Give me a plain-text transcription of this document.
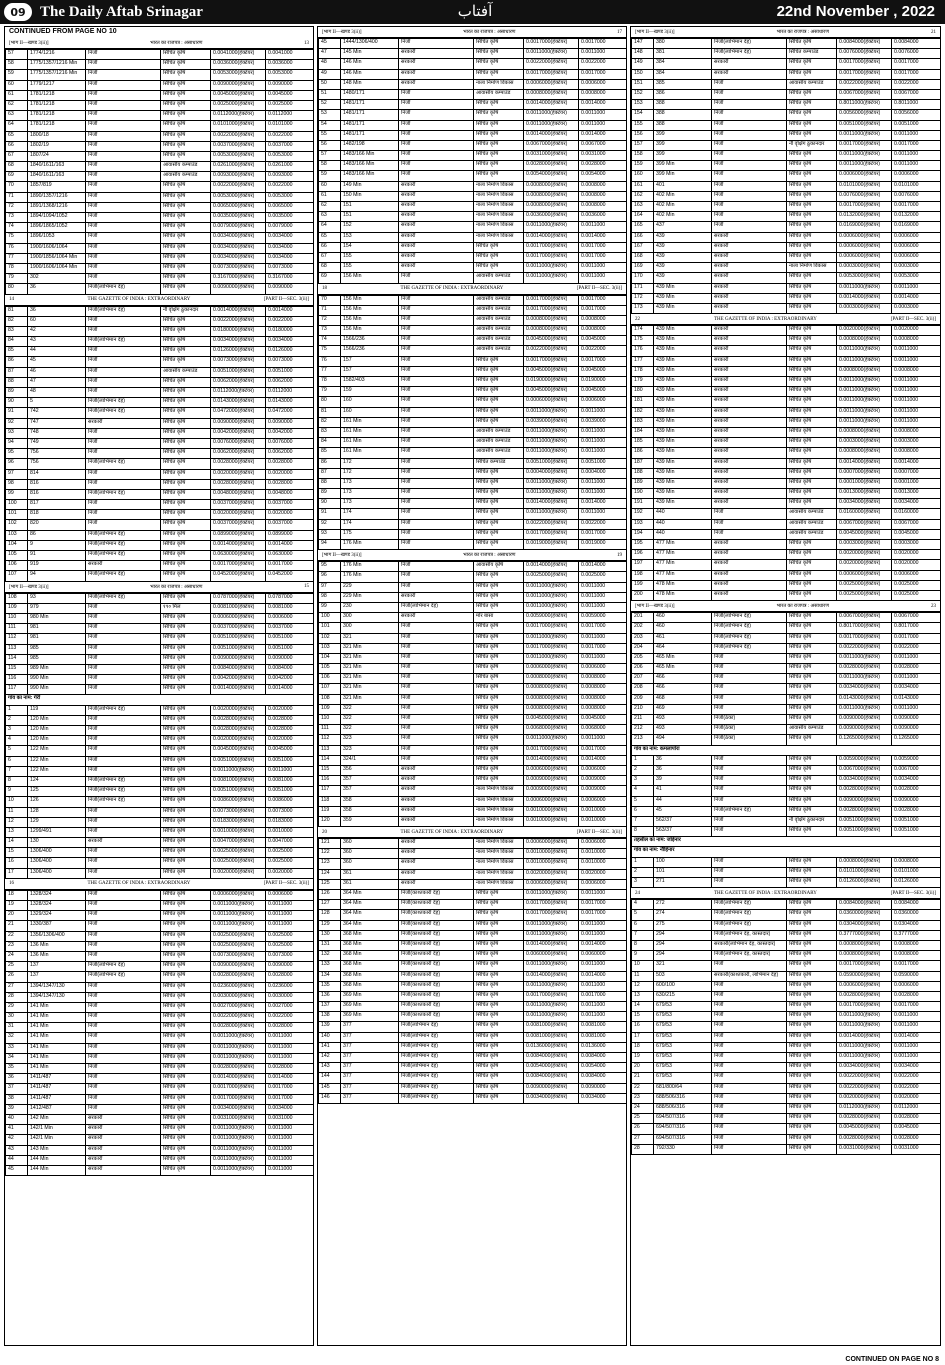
09 The Daily Aftab Srinagar	آفتاب	22nd November , 2022
CONTINUED FROM PAGE NO 10
[भाग II—खण्ड 3(ii)]	भारत का राजपत्र : असाधारण	13
57	1774/1216	निजी	सिंचित कृषि	0.0041000(हेक्टेयर)	0.0041000
58	1775/1357/1216 Min	निजी	सिंचित कृषि	0.0036000(हेक्टेयर)	0.0036000
59	1775/1357/1216 Min	निजी	सिंचित कृषि	0.0053000(हेक्टेयर)	0.0053000
60	1779/1217	निजी	सिंचित कृषि	0.0090000(हेक्टेयर)	0.0090000
61	1781/1218	निजी	सिंचित कृषि	0.0045000(हेक्टेयर)	0.0045000
62	1781/1218	निजी	सिंचित कृषि	0.0025000(हेक्टेयर)	0.0025000
63	1781/1218	निजी	सिंचित कृषि	0.0112000(हेक्टेयर)	0.0112000
64	1781/1218	निजी	सिंचित कृषि	0.0101000(हेक्टेयर)	0.0101000
65	1800/18	निजी	सिंचित कृषि	0.0022000(हेक्टेयर)	0.0022000
66	1802/19	निजी	सिंचित कृषि	0.0037000(हेक्टेयर)	0.0037000
67	1807/24	निजी	सिंचित कृषि	0.0053000(हेक्टेयर)	0.0053000
68	1840/1611/163	निजी	आवासीय कम्पाउंड	0.0261000(हेक्टेयर)	0.0261000
69	1840/1611/163	निजी	आवासीय कम्पाउंड	0.0093000(हेक्टेयर)	0.0093000
70	1857/819	निजी	सिंचित कृषि	0.0022000(हेक्टेयर)	0.0022000
71	1890/1357/1216	निजी	सिंचित कृषि	0.0053000(हेक्टेयर)	0.0053000
72	1891/1368/1216	निजी	सिंचित कृषि	0.0065000(हेक्टेयर)	0.0065000
73	1894/1094/1052	निजी	सिंचित कृषि	0.0035000(हेक्टेयर)	0.0035000
74	1896/1865/1052	निजी	सिंचित कृषि	0.0079000(हेक्टेयर)	0.0079000
75	1896/1053	निजी	सिंचित कृषि	0.0034000(हेक्टेयर)	0.0034000
76	1900/1606/1064	निजी	सिंचित कृषि	0.0034000(हेक्टेयर)	0.0034000
77	1900/1856/1064 Min	निजी	सिंचित कृषि	0.0034000(हेक्टेयर)	0.0034000
78	1900/1606/1064 Min	निजी	सिंचित कृषि	0.0073000(हेक्टेयर)	0.0073000
79	302	निजी	सिंचित कृषि	0.3167000(हेक्टेयर)	0.3167000
80	36	निजी(लाभिमान देह)	सिंचित कृषि	0.0090000(हेक्टेयर)	0.0090000
14	THE GAZETTE OF INDIA : EXTRAORDINARY	[PART II—SEC. 3(ii)]
81	36	निजी(लाभिमान देह)	नौ वृक्षिंग ठुकानदार	0.0014000(हेक्टेयर)	0.0014000
82	60	निजी	सिंचित कृषि	0.0022000(हेक्टेयर)	0.0022000
83	42	निजी	सिंचित कृषि	0.0180000(हेक्टेयर)	0.0180000
84	43	निजी(लाभिमान देह)	सिंचित कृषि	0.0034000(हेक्टेयर)	0.0034000
85	44	निजी	सिंचित कृषि	0.0126000(हेक्टेयर)	0.0126000
86	45	निजी	सिंचित कृषि	0.0073000(हेक्टेयर)	0.0073000
87	46	निजी	आवासीय कम्पाउंड	0.0051000(हेक्टेयर)	0.0051000
88	47	निजी	सिंचित कृषि	0.0062000(हेक्टेयर)	0.0062000
89	48	निजी	सिंचित कृषि	0.0112000(हेक्टेयर)	0.0112000
90	5	निजी(लाभिमान देह)	सिंचित कृषि	0.0143000(हेक्टेयर)	0.0143000
91	742	निजी(लाभिमान देह)	सिंचित कृषि	0.0472000(हेक्टेयर)	0.0472000
92	747	सरकारी	सिंचित कृषि	0.0090000(हेक्टेयर)	0.0090000
93	748	निजी	सिंचित कृषि	0.0042000(हेक्टेयर)	0.0042000
94	749	निजी	सिंचित कृषि	0.0076000(हेक्टेयर)	0.0076000
95	756	निजी	सिंचित कृषि	0.0062000(हेक्टेयर)	0.0062000
96	756	निजी(लाभिमान देह)	सिंचित कृषि	0.0028000(हेक्टेयर)	0.0028000
97	814	निजी	सिंचित कृषि	0.0020000(हेक्टेयर)	0.0020000
98	816	निजी	सिंचित कृषि	0.0028000(हेक्टेयर)	0.0028000
99	816	निजी(लाभिमान देह)	सिंचित कृषि	0.0048000(हेक्टेयर)	0.0048000
100	817	निजी	सिंचित कृषि	0.0037000(हेक्टेयर)	0.0037000
101	818	निजी	सिंचित कृषि	0.0020000(हेक्टेयर)	0.0020000
102	820	निजी	सिंचित कृषि	0.0037000(हेक्टेयर)	0.0037000
103	86	निजी(लाभिमान देह)	सिंचित कृषि	0.0899000(हेक्टेयर)	0.0899000
104	9	निजी(लाभिमान देह)	सिंचित कृषि	0.0014000(हेक्टेयर)	0.0014000
105	91	निजी(लाभिमान देह)	सिंचित कृषि	0.0630000(हेक्टेयर)	0.0630000
106	919	सरकारी	सिंचित कृषि	0.0017000(हेक्टेयर)	0.0017000
107	94	निजी(लाभिमान देह)	सिंचित कृषि	0.0452000(हेक्टेयर)	0.0452000
[भाग II—खण्ड 3(ii)]	भारत का राजपत्र : असाधारण	15
108	93	निजी(लाभिमान देह)	सिंचित कृषि	0.0787000(हेक्टेयर)	0.0787000
109	979	निजी	१९० मिल	0.0081000(हेक्टेयर)	0.0081000
110	980 Min	निजी	सिंचित कृषि	0.0006000(हेक्टेयर)	0.0006000
111	981	निजी	सिंचित कृषि	0.0037000(हेक्टेयर)	0.0037000
112	981	निजी	सिंचित कृषि	0.0051000(हेक्टेयर)	0.0051000
113	985	निजी	सिंचित कृषि	0.0051000(हेक्टेयर)	0.0051000
114	985	निजी	सिंचित कृषि	0.0090000(हेक्टेयर)	0.0090000
115	989 Min	निजी	सिंचित कृषि	0.0084000(हेक्टेयर)	0.0084000
116	990 Min	निजी	सिंचित कृषि	0.0042000(हेक्टेयर)	0.0042000
117	990 Min	निजी	सिंचित कृषि	0.0014000(हेक्टेयर)	0.0014000
गांव का नाम: गेरी					
1	119	निजी(लाभिमान देह)	सिंचित कृषि	0.0020000(हेक्टेयर)	0.0020000
2	120 Min	निजी	सिंचित कृषि	0.0028000(हेक्टेयर)	0.0028000
3	120 Min	निजी	सिंचित कृषि	0.0028000(हेक्टेयर)	0.0028000
4	120 Min	निजी	सिंचित कृषि	0.0020000(हेक्टेयर)	0.0020000
5	122 Min	निजी	सिंचित कृषि	0.0045000(हेक्टेयर)	0.0045000
6	122 Min	निजी	सिंचित कृषि	0.0051000(हेक्टेयर)	0.0051000
7	122 Min	निजी	सिंचित कृषि	0.0011000(हेक्टेयर)	0.0011000
8	124	निजी(लाभिमान देह)	सिंचित कृषि	0.0081000(हेक्टेयर)	0.0081000
9	125	निजी(लाभिमान देह)	सिंचित कृषि	0.0051000(हेक्टेयर)	0.0051000
10	126	निजी(लाभिमान देह)	सिंचित कृषि	0.0086000(हेक्टेयर)	0.0086000
11	128	निजी	सिंचित कृषि	0.0073000(हेक्टेयर)	0.0073000
12	129	निजी	सिंचित कृषि	0.0183000(हेक्टेयर)	0.0183000
13	1299/491	निजी	सिंचित कृषि	0.0010000(हेक्टेयर)	0.0010000
14	130	सरकारी	सिंचित कृषि	0.0047000(हेक्टेयर)	0.0047000
15	1306/400	निजी	सिंचित कृषि	0.0025000(हेक्टेयर)	0.0025000
16	1306/400	निजी	सिंचित कृषि	0.0025000(हेक्टेयर)	0.0025000
17	1306/400	निजी	सिंचित कृषि	0.0020000(हेक्टेयर)	0.0020000
16	THE GAZETTE OF INDIA : EXTRAORDINARY	[PART II—SEC. 3(ii)]
18	1328/324	निजी	सिंचित कृषि	0.0006000(हेक्टेयर)	0.0006000
19	1328/324	निजी	सिंचित कृषि	0.0011000(हेक्टेयर)	0.0011000
20	1329/324	निजी	सिंचित कृषि	0.0011000(हेक्टेयर)	0.0011000
21	1330/387	निजी	सिंचित कृषि	0.0011000(हेक्टेयर)	0.0011000
22	1356/1306/400	निजी	सिंचित कृषि	0.0025000(हेक्टेयर)	0.0025000
23	136 Min	निजी	सिंचित कृषि	0.0025000(हेक्टेयर)	0.0025000
24	136 Min	निजी	सिंचित कृषि	0.0073000(हेक्टेयर)	0.0073000
25	137	निजी(लाभिमान देह)	सिंचित कृषि	0.0090000(हेक्टेयर)	0.0090000
26	137	निजी(लाभिमान देह)	सिंचित कृषि	0.0028000(हेक्टेयर)	0.0028000
27	1394/1347/130	निजी	सिंचित कृषि	0.0236000(हेक्टेयर)	0.0236000
28	1394/1347/130	निजी	सिंचित कृषि	0.0030000(हेक्टेयर)	0.0030000
29	141 Min	निजी	सिंचित कृषि	0.0027000(हेक्टेयर)	0.0027000
30	141 Min	निजी	सिंचित कृषि	0.0022000(हेक्टेयर)	0.0022000
31	141 Min	निजी	सिंचित कृषि	0.0028000(हेक्टेयर)	0.0028000
32	141 Min	निजी	सिंचित कृषि	0.0011000(हेक्टेयर)	0.0011000
33	141 Min	निजी	सिंचित कृषि	0.0011000(हेक्टेयर)	0.0011000
34	141 Min	निजी	सिंचित कृषि	0.0011000(हेक्टेयर)	0.0011000
35	141 Min	निजी	सिंचित कृषि	0.0028000(हेक्टेयर)	0.0028000
36	1411/487	निजी	सिंचित कृषि	0.0014000(हेक्टेयर)	0.0014000
37	1411/487	निजी	सिंचित कृषि	0.0017000(हेक्टेयर)	0.0017000
38	1411/487	निजी	सिंचित कृषि	0.0017000(हेक्टेयर)	0.0017000
39	1412/487	निजी	सिंचित कृषि	0.0034000(हेक्टेयर)	0.0034000
40	142 Min	सरकारी	सिंचित कृषि	0.0031000(हेक्टेयर)	0.0031000
41	142/1 Min	सरकारी	सिंचित कृषि	0.0011000(हेक्टेयर)	0.0011000
42	142/1 Min	सरकारी	सिंचित कृषि	0.0011000(हेक्टेयर)	0.0011000
43	143 Min	सरकारी	सिंचित कृषि	0.0011000(हेक्टेयर)	0.0011000
44	144 Min	सरकारी	सिंचित कृषि	0.0011000(हेक्टेयर)	0.0011000
45	144 Min	सरकारी	सिंचित कृषि	0.0011000(हेक्टेयर)	0.0011000
[भाग II—खण्ड 3(ii)]	भारत का राजपत्र : असाधारण	17
45	1444/1306/400	निजी	सिंचित कृषि	0.0017000(हेक्टेयर)	0.0017000
47	145 Min	सरकारी	सिंचित कृषि	0.0011000(हेक्टेयर)	0.0011000
48	146 Min	सरकारी	सिंचित कृषि	0.0022000(हेक्टेयर)	0.0022000
49	146 Min	सरकारी	सिंचित कृषि	0.0017000(हेक्टेयर)	0.0017000
50	148 Min	सरकारी	नाला निर्माण विकास	0.0006000(हेक्टेयर)	0.0006000
51	1480/171	निजी	आवासीय कम्पाउंड	0.0008000(हेक्टेयर)	0.0008000
52	1481/171	निजी	सिंचित कृषि	0.0014000(हेक्टेयर)	0.0014000
53	1481/171	निजी	सिंचित कृषि	0.0011000(हेक्टेयर)	0.0011000
54	1481/171	निजी	सिंचित कृषि	0.0011000(हेक्टेयर)	0.0011000
55	1481/171	निजी	सिंचित कृषि	0.0014000(हेक्टेयर)	0.0014000
56	1482/198	निजी	सिंचित कृषि	0.0067000(हेक्टेयर)	0.0067000
57	1483/166 Min	निजी	सिंचित कृषि	0.0031000(हेक्टेयर)	0.0031000
58	1483/166 Min	निजी	सिंचित कृषि	0.0028000(हेक्टेयर)	0.0028000
59	1483/166 Min	निजी	सिंचित कृषि	0.0054000(हेक्टेयर)	0.0054000
60	149 Min	सरकारी	नाला निर्माण विकास	0.0008000(हेक्टेयर)	0.0008000
61	150 Min	सरकारी	नाला निर्माण विकास	0.0008000(हेक्टेयर)	0.0008000
62	151	सरकारी	नाला निर्माण विकास	0.0008000(हेक्टेयर)	0.0008000
63	151	सरकारी	नाला निर्माण विकास	0.0036000(हेक्टेयर)	0.0036000
64	152	सरकारी	नाला निर्माण विकास	0.0011000(हेक्टेयर)	0.0011000
65	153	सरकारी	नाला निर्माण विकास	0.0014000(हेक्टेयर)	0.0014000
66	154	सरकारी	सिंचित कृषि	0.0017000(हेक्टेयर)	0.0017000
67	155	सरकारी	सिंचित कृषि	0.0017000(हेक्टेयर)	0.0017000
68	155	सरकारी	सिंचित कृषि	0.0011000(हेक्टेयर)	0.0011000
69	156 Min	निजी	आवासीय कम्पाउंड	0.0011000(हेक्टेयर)	0.0011000
18	THE GAZETTE OF INDIA : EXTRAORDINARY	[PART II—SEC. 3(ii)]
70	156 Min	निजी	आवासीय कम्पाउंड	0.0017000(हेक्टेयर)	0.0017000
71	156 Min	निजी	आवासीय कम्पाउंड	0.0017000(हेक्टेयर)	0.0017000
72	156 Min	निजी	आवासीय कम्पाउंड	0.0008000(हेक्टेयर)	0.0008000
73	156 Min	निजी	आवासीय कम्पाउंड	0.0008000(हेक्टेयर)	0.0008000
74	1566/236	निजी	आवासीय कम्पाउंड	0.0045000(हेक्टेयर)	0.0045000
75	1566/236	निजी	आवासीय कम्पाउंड	0.0022000(हेक्टेयर)	0.0022000
76	157	निजी	सिंचित कृषि	0.0017000(हेक्टेयर)	0.0017000
77	157	निजी	सिंचित कृषि	0.0045000(हेक्टेयर)	0.0045000
78	1582/403	निजी	सिंचित कृषि	0.0190000(हेक्टेयर)	0.0190000
79	159	निजी	सिंचित कृषि	0.0045000(हेक्टेयर)	0.0045000
80	160	निजी	सिंचित कृषि	0.0006000(हेक्टेयर)	0.0006000
81	160	निजी	सिंचित कृषि	0.0011000(हेक्टेयर)	0.0011000
82	161 Min	निजी	सिंचित कृषि	0.0039000(हेक्टेयर)	0.0039000
83	161 Min	निजी	आवासीय कम्पाउंड	0.0011000(हेक्टेयर)	0.0011000
84	161 Min	निजी	आवासीय कम्पाउंड	0.0011000(हेक्टेयर)	0.0011000
85	161 Min	निजी	आवासीय कम्पाउंड	0.0011000(हेक्टेयर)	0.0011000
86	172	निजी	सिंचित कम्पाउंड	0.0051000(हेक्टेयर)	0.0051000
87	172	निजी	सिंचित कृषि	0.0004000(हेक्टेयर)	0.0004000
88	173	निजी	सिंचित कृषि	0.0011000(हेक्टेयर)	0.0011000
89	173	निजी	सिंचित कृषि	0.0011000(हेक्टेयर)	0.0011000
90	173	निजी	सिंचित कृषि	0.0014000(हेक्टेयर)	0.0014000
91	174	निजी	सिंचित कृषि	0.0011000(हेक्टेयर)	0.0011000
92	174	निजी	सिंचित कृषि	0.0022000(हेक्टेयर)	0.0022000
93	175	निजी	सिंचित कृषि	0.0017000(हेक्टेयर)	0.0017000
94	176 Min	निजी	सिंचित कृषि	0.0019000(हेक्टेयर)	0.0019000
[भाग II—खण्ड 3(ii)]	भारत का राजपत्र : असाधारण	19
95	176 Min	निजी	आवासीय कृषि	0.0014000(हेक्टेयर)	0.0014000
96	176 Min	निजी	सिंचित कृषि	0.0025000(हेक्टेयर)	0.0025000
97	229	निजी	सिंचित कृषि	0.0011000(हेक्टेयर)	0.0011000
98	229 Min	सरकारी	सिंचित कृषि	0.0011000(हेक्टेयर)	0.0011000
99	230	निजी(लाभिमान देह)	सिंचित कृषि	0.0011000(हेक्टेयर)	0.0011000
100	300	सरकारी	मोर बासा	0.0059000(हेक्टेयर)	0.0059000
101	300	निजी	सिंचित कृषि	0.0017000(हेक्टेयर)	0.0017000
102	321	निजी	सिंचित कृषि	0.0011000(हेक्टेयर)	0.0011000
103	321 Min	निजी	सिंचित कृषि	0.0017000(हेक्टेयर)	0.0017000
104	321 Min	निजी	सिंचित कृषि	0.0011000(हेक्टेयर)	0.0011000
105	321 Min	निजी	सिंचित कृषि	0.0006000(हेक्टेयर)	0.0006000
106	321 Min	निजी	सिंचित कृषि	0.0008000(हेक्टेयर)	0.0008000
107	321 Min	निजी	सिंचित कृषि	0.0008000(हेक्टेयर)	0.0008000
108	321 Min	निजी	सिंचित कृषि	0.0008000(हेक्टेयर)	0.0008000
109	322	निजी	सिंचित कृषि	0.0008000(हेक्टेयर)	0.0008000
110	322	निजी	सिंचित कृषि	0.0045000(हेक्टेयर)	0.0045000
111	322	निजी	सिंचित कृषि	0.0068000(हेक्टेयर)	0.0068000
112	323	निजी	सिंचित कृषि	0.0011000(हेक्टेयर)	0.0011000
113	323	निजी	सिंचित कृषि	0.0017000(हेक्टेयर)	0.0017000
114	324/1	निजी	सिंचित कृषि	0.0014000(हेक्टेयर)	0.0014000
115	356	सरकारी	सिंचित कृषि	0.0006000(हेक्टेयर)	0.0006000
116	357	सरकारी	सिंचित कृषि	0.0009000(हेक्टेयर)	0.0009000
117	357	सरकारी	नाला निर्माण विकास	0.0009000(हेक्टेयर)	0.0009000
118	358	सरकारी	नाला निर्माण विकास	0.0006000(हेक्टेयर)	0.0006000
119	358	सरकारी	नाला निर्माण विकास	0.0010000(हेक्टेयर)	0.0010000
120	359	सरकारी	नाला निर्माण विकास	0.0010000(हेक्टेयर)	0.0010000
20	THE GAZETTE OF INDIA : EXTRAORDINARY	[PART II—SEC. 3(ii)]
121	360	सरकारी	नाला निर्माण विकास	0.0006000(हेक्टेयर)	0.0006000
122	360	सरकारी	नाला निर्माण विकास	0.0010000(हेक्टेयर)	0.0010000
123	360	सरकारी	नाला निर्माण विकास	0.0010000(हेक्टेयर)	0.0010000
124	361	सरकारी	नाला निर्माण विकास	0.0020000(हेक्टेयर)	0.0020000
125	361	सरकारी	नाला निर्माण विकास	0.0006000(हेक्टेयर)	0.0006000
126	364 Min	निजी(काश्तकारी देह)	सिंचित कृषि	0.0011000(हेक्टेयर)	0.0011000
127	364 Min	निजी(काश्तकारी देह)	सिंचित कृषि	0.0017000(हेक्टेयर)	0.0017000
128	364 Min	निजी(काश्तकारी देह)	सिंचित कृषि	0.0017000(हेक्टेयर)	0.0017000
129	364 Min	निजी(काश्तकारी देह)	सिंचित कृषि	0.0011000(हेक्टेयर)	0.0011000
130	368 Min	निजी(काश्तकारी देह)	सिंचित कृषि	0.0011000(हेक्टेयर)	0.0011000
131	368 Min	निजी(काश्तकारी देह)	सिंचित कृषि	0.0014000(हेक्टेयर)	0.0014000
132	368 Min	निजी(काश्तकारी देह)	सिंचित कृषि	0.0060000(हेक्टेयर)	0.0060000
133	368 Min	निजी(काश्तकारी देह)	सिंचित कृषि	0.0011000(हेक्टेयर)	0.0011000
134	368 Min	निजी(काश्तकारी देह)	सिंचित कृषि	0.0014000(हेक्टेयर)	0.0014000
135	368 Min	निजी(काश्तकारी देह)	सिंचित कृषि	0.0011000(हेक्टेयर)	0.0011000
136	369 Min	निजी(काश्तकारी देह)	सिंचित कृषि	0.0017000(हेक्टेयर)	0.0017000
137	369 Min	निजी(काश्तकारी देह)	सिंचित कृषि	0.0011000(हेक्टेयर)	0.0011000
138	369 Min	निजी(काश्तकारी देह)	सिंचित कृषि	0.0011000(हेक्टेयर)	0.0011000
139	377	निजी(लाभिमान देह)	सिंचित कृषि	0.0081000(हेक्टेयर)	0.0081000
140	377	निजी(लाभिमान देह)	सिंचित कृषि	0.0081000(हेक्टेयर)	0.0081000
141	377	निजी(लाभिमान देह)	सिंचित कृषि	0.0136000(हेक्टेयर)	0.0136000
142	377	निजी(लाभिमान देह)	सिंचित कृषि	0.0084000(हेक्टेयर)	0.0084000
143	377	निजी(लाभिमान देह)	सिंचित कृषि	0.0054000(हेक्टेयर)	0.0054000
144	377	निजी(लाभिमान देह)	सिंचित कृषि	0.0084000(हेक्टेयर)	0.0084000
145	377	निजी(लाभिमान देह)	सिंचित कृषि	0.0090000(हेक्टेयर)	0.0090000
146	377	निजी(लाभिमान देह)	सिंचित कृषि	0.0034000(हेक्टेयर)	0.0034000
[भाग II—खण्ड 3(ii)]	भारत का राजपत्र : असाधारण	21
147	380	निजी(लाभिमान देह)	सिंचित कृषि	0.0084000(हेक्टेयर)	0.0084000
148	381	निजी(लाभिमान देह)	सिंचित कम्पाउंड	0.0076000(हेक्टेयर)	0.0076000
149	384	सरकारी	सिंचित कृषि	0.0017000(हेक्टेयर)	0.0017000
150	384	सरकारी	सिंचित कृषि	0.0017000(हेक्टेयर)	0.0017000
151	385	निजी	आवासीय कम्पाउंड	0.0022000(हेक्टेयर)	0.0022000
152	386	निजी	सिंचित कृषि	0.0067000(हेक्टेयर)	0.0067000
153	388	निजी	सिंचित कृषि	0.8011000(हेक्टेयर)	0.8011000
154	388	निजी	सिंचित कृषि	0.0056000(हेक्टेयर)	0.0056000
155	388	निजी	सिंचित कृषि	0.0051000(हेक्टेयर)	0.0051000
156	399	निजी	सिंचित कृषि	0.0011000(हेक्टेयर)	0.0011000
157	399	निजी	नौ वृक्षिंग ठुकानदार	0.0017000(हेक्टेयर)	0.0017000
158	399	निजी	सिंचित कृषि	0.0011000(हेक्टेयर)	0.0011000
159	399 Min	निजी	सिंचित कृषि	0.0011000(हेक्टेयर)	0.0011000
160	399 Min	निजी	सिंचित कृषि	0.0006000(हेक्टेयर)	0.0006000
161	401	निजी	सिंचित कृषि	0.0101000(हेक्टेयर)	0.0101000
162	402 Min	निजी	सिंचित कृषि	0.0076000(हेक्टेयर)	0.0076000
163	402 Min	निजी	सिंचित कृषि	0.0017000(हेक्टेयर)	0.0017000
164	402 Min	निजी	सिंचित कृषि	0.0132000(हेक्टेयर)	0.0132000
165	437	निजी	सिंचित कृषि	0.0169000(हेक्टेयर)	0.0169000
166	439	सरकारी	सिंचित कृषि	0.0006000(हेक्टेयर)	0.0006000
167	439	सरकारी	सिंचित कृषि	0.0006000(हेक्टेयर)	0.0006000
168	439	सरकारी	सिंचित कृषि	0.0006000(हेक्टेयर)	0.0006000
169	439	सरकारी	नाला निर्माण विकास	0.0003000(हेक्टेयर)	0.0003000
170	439	सरकारी	सिंचित कृषि	0.0053000(हेक्टेयर)	0.0053000
171	439 Min	सरकारी	सिंचित कृषि	0.0011000(हेक्टेयर)	0.0011000
172	439 Min	सरकारी	सिंचित कृषि	0.0014000(हेक्टेयर)	0.0014000
173	439 Min	सरकारी	सिंचित कृषि	0.0003000(हेक्टेयर)	0.0003000
22	THE GAZETTE OF INDIA : EXTRAORDINARY	[PART II—SEC. 3(ii)]
174	439 Min	सरकारी	सिंचित कृषि	0.0020000(हेक्टेयर)	0.0020000
175	439 Min	सरकारी	सिंचित कृषि	0.0008000(हेक्टेयर)	0.0008000
176	439 Min	सरकारी	सिंचित कृषि	0.0011000(हेक्टेयर)	0.0011000
177	439 Min	सरकारी	सिंचित कृषि	0.0011000(हेक्टेयर)	0.0011000
178	439 Min	सरकारी	सिंचित कृषि	0.0008000(हेक्टेयर)	0.0008000
179	439 Min	सरकारी	सिंचित कृषि	0.0011000(हेक्टेयर)	0.0011000
180	439 Min	सरकारी	सिंचित कृषि	0.0011000(हेक्टेयर)	0.0011000
181	439 Min	सरकारी	सिंचित कृषि	0.0011000(हेक्टेयर)	0.0011000
182	439 Min	सरकारी	सिंचित कृषि	0.0011000(हेक्टेयर)	0.0011000
183	439 Min	सरकारी	सिंचित कृषि	0.0011000(हेक्टेयर)	0.0011000
184	439 Min	सरकारी	सिंचित कृषि	0.0008000(हेक्टेयर)	0.0008000
185	439 Min	सरकारी	सिंचित कृषि	0.0003000(हेक्टेयर)	0.0003000
186	439 Min	सरकारी	सिंचित कृषि	0.0008000(हेक्टेयर)	0.0008000
187	439 Min	सरकारी	सिंचित कृषि	0.0014000(हेक्टेयर)	0.0014000
188	439 Min	सरकारी	सिंचित कृषि	0.0007000(हेक्टेयर)	0.0007000
189	439 Min	सरकारी	सिंचित कृषि	0.0001000(हेक्टेयर)	0.0001000
190	439 Min	सरकारी	सिंचित कृषि	0.0013000(हेक्टेयर)	0.0013000
191	439 Min	सरकारी	सिंचित कृषि	0.0034000(हेक्टेयर)	0.0034000
192	440	निजी	आवासीय कम्पाउंड	0.0160000(हेक्टेयर)	0.0160000
193	440	निजी	आवासीय कम्पाउंड	0.0067000(हेक्टेयर)	0.0067000
194	440	निजी	आवासीय कम्पाउंड	0.0045000(हेक्टेयर)	0.0045000
195	477 Min	सरकारी	सिंचित कृषि	0.0003000(हेक्टेयर)	0.0003000
196	477 Min	सरकारी	सिंचित कृषि	0.0020000(हेक्टेयर)	0.0020000
197	477 Min	सरकारी	सिंचित कृषि	0.0020000(हेक्टेयर)	0.0020000
198	477 Min	सरकारी	सिंचित कृषि	0.0006000(हेक्टेयर)	0.0006000
199	478 Min	सरकारी	सिंचित कृषि	0.0025000(हेक्टेयर)	0.0025000
200	478 Min	सरकारी	सिंचित कृषि	0.0025000(हेक्टेयर)	0.0025000
[भाग II—खण्ड 3(ii)]	भारत का राजपत्र : असाधारण	23
201	460	निजी(लाभिमान देह)	सिंचित कृषि	0.0067000(हेक्टेयर)	0.0067000
202	460	निजी(लाभिमान देह)	सिंचित कृषि	0.8017000(हेक्टेयर)	0.8017000
203	461	निजी(लाभिमान देह)	सिंचित कृषि	0.0017000(हेक्टेयर)	0.0017000
204	464	निजी(लाभिमान देह)	सिंचित कृषि	0.0022000(हेक्टेयर)	0.0022000
205	465 Min	निजी	सिंचित कृषि	0.0011000(हेक्टेयर)	0.0011000
206	465 Min	निजी	सिंचित कृषि	0.0028000(हेक्टेयर)	0.0028000
207	466	निजी	सिंचित कृषि	0.0011000(हेक्टेयर)	0.0011000
208	466	निजी	सिंचित कृषि	0.0034000(हेक्टेयर)	0.0034000
209	468	निजी	सिंचित कृषि	0.0143000(हेक्टेयर)	0.0143000
210	469	निजी	सिंचित कृषि	0.0011000(हेक्टेयर)	0.0011000
211	493	निजी(ठेका)	सिंचित कृषि	0.0090000(हेक्टेयर)	0.0090000
212	493	निजी(ठेका)	आवासीय कम्पाउंड	0.0090000(हेक्टेयर)	0.0090000
213	494	निजी(ठेका)	सिंचित कृषि	0.1265000(हेक्टेयर)	0.1265000
गांव का नाम: कमलापोरा					
1	36	निजी	सिंचित कृषि	0.0059000(हेक्टेयर)	0.0059000
2	36	निजी	सिंचित कृषि	0.0067000(हेक्टेयर)	0.0067000
3	39	निजी	सिंचित कृषि	0.0034000(हेक्टेयर)	0.0034000
4	41	निजी	सिंचित कृषि	0.0028000(हेक्टेयर)	0.0028000
5	44	निजी	सिंचित कृषि	0.0090000(हेक्टेयर)	0.0090000
6	45	निजी(लाभिमान देह)	सिंचित कृषि	0.0028000(हेक्टेयर)	0.0028000
7	562/37	निजी	नौ वृक्षिंग ठुकानदार	0.0051000(हेक्टेयर)	0.0051000
8	563/37	निजी	सिंचित कृषि	0.0051000(हेक्टेयर)	0.0051000
तहसील का नाम: जोईनार					
गांव का नाम: नौहिनार					
1	100	निजी	सिंचित कृषि	0.0008000(हेक्टेयर)	0.0008000
2	101	निजी	सिंचित कृषि	0.0101000(हेक्टेयर)	0.0101000
3	271	निजी	सिंचित कृषि	0.0126000(हेक्टेयर)	0.0126000
24	THE GAZETTE OF INDIA : EXTRAORDINARY	[PART II—SEC. 3(ii)]
4	272	निजी(लाभिमान देह)	सिंचित कृषि	0.0084000(हेक्टेयर)	0.0084000
5	274	निजी(लाभिमान देह)	सिंचित कृषि	0.0360000(हेक्टेयर)	0.0360000
6	275	निजी(लाभिमान देह)	सिंचित कृषि	0.0304000(हेक्टेयर)	0.0304000
7	294	निजी(लाभिमान देह, कास्तदार)	सिंचित कृषि	0.3777000(हेक्टेयर)	0.3777000
8	294	सरकारी(लाभिमान देह, कास्तदार)	सिंचित कृषि	0.0008000(हेक्टेयर)	0.0008000
9	294	निजी(लाभिमान देह, कास्तदार)	सिंचित कृषि	0.0008000(हेक्टेयर)	0.0008000
10	321	निजी	सिंचित कृषि	0.0017000(हेक्टेयर)	0.0017000
11	503	सरकारी(काश्तकारी, लाभिमान देह)	सिंचित कृषि	0.0590000(हेक्टेयर)	0.0590000
12	600/100	निजी	सिंचित कृषि	0.0006000(हेक्टेयर)	0.0006000
13	630/215	निजी	सिंचित कृषि	0.0028000(हेक्टेयर)	0.0028000
14	679/53	निजी	सिंचित कृषि	0.0017000(हेक्टेयर)	0.0017000
15	679/53	निजी	सिंचित कृषि	0.0011000(हेक्टेयर)	0.0011000
16	679/53	निजी	सिंचित कृषि	0.0011000(हेक्टेयर)	0.0011000
17	679/53	निजी	सिंचित कृषि	0.0014000(हेक्टेयर)	0.0014000
18	679/53	निजी	सिंचित कृषि	0.0011000(हेक्टेयर)	0.0011000
19	679/53	निजी	सिंचित कृषि	0.0011000(हेक्टेयर)	0.0011000
20	679/53	निजी	सिंचित कृषि	0.0034000(हेक्टेयर)	0.0034000
21	679/53	निजी	सिंचित कृषि	0.0022000(हेक्टेयर)	0.0022000
22	681/800/64	निजी	सिंचित कृषि	0.0022000(हेक्टेयर)	0.0022000
23	688/506/316	निजी	सिंचित कृषि	0.0020000(हेक्टेयर)	0.0020000
24	688/506/316	निजी	सिंचित कृषि	0.0112000(हेक्टेयर)	0.0112000
25	694/507/316	निजी	सिंचित कृषि	0.0028000(हेक्टेयर)	0.0028000
26	694/507/316	निजी	सिंचित कृषि	0.0045000(हेक्टेयर)	0.0045000
27	694/507/316	निजी	सिंचित कृषि	0.0028000(हेक्टेयर)	0.0028000
28	792/330	निजी	सिंचित कृषि	0.0031000(हेक्टेयर)	0.0031000
CONTINUED ON PAGE NO 8
